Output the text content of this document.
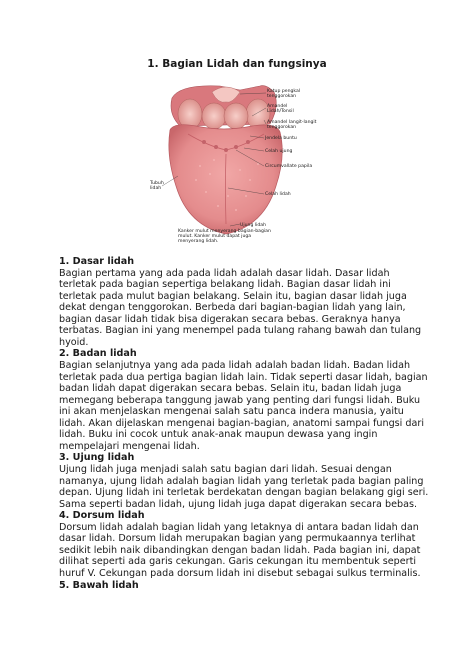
1. Bagian Lidah dan fungsinya
Katup pengkal
tenggorokan
Amandel
Lidah/Tonsil
Amandel langit-langit
tenggorokan
Jendela buntu
Celah ujung
Circumvallate papila
Tubuh
lidah
Celah lidah
Ujung lidah
Kanker mulut menyerang bagian-bagian
mulut. Kanker mulut dapat juga
menyerang lidah.
1. Dasar lidah

Bagian pertama yang ada pada lidah adalah dasar lidah. Dasar lidah terletak pada bagian sepertiga belakang lidah. Bagian dasar lidah ini terletak pada mulut bagian belakang. Selain itu, bagian dasar lidah juga dekat dengan tenggorokan. Berbeda dari bagian-bagian lidah yang lain, bagian dasar lidah tidak bisa digerakan secara bebas. Geraknya hanya terbatas. Bagian ini yang menempel pada tulang rahang bawah dan tulang hyoid.

2. Badan lidah

Bagian selanjutnya yang ada pada lidah adalah badan lidah. Badan lidah terletak pada dua pertiga bagian lidah lain. Tidak seperti dasar lidah, bagian badan lidah dapat digerakan secara bebas. Selain itu, badan lidah juga memegang beberapa tanggung jawab yang penting dari fungsi lidah. Buku ini akan menjelaskan mengenai salah satu panca indera manusia, yaitu lidah. Akan dijelaskan mengenai bagian-bagian, anatomi sampai fungsi dari lidah. Buku ini cocok untuk anak-anak maupun dewasa yang ingin mempelajari mengenai lidah.

3. Ujung lidah

Ujung lidah juga menjadi salah satu bagian dari lidah. Sesuai dengan namanya, ujung lidah adalah bagian lidah yang terletak pada bagian paling depan. Ujung lidah ini terletak berdekatan dengan bagian belakang gigi seri. Sama seperti badan lidah, ujung lidah juga dapat digerakan secara bebas.

4. Dorsum lidah

Dorsum lidah adalah bagian lidah yang letaknya di antara badan lidah dan dasar lidah. Dorsum lidah merupakan bagian yang permukaannya terlihat sedikit lebih naik dibandingkan dengan badan lidah. Pada bagian ini, dapat dilihat seperti ada garis cekungan. Garis cekungan itu membentuk seperti huruf V. Cekungan pada dorsum lidah ini disebut sebagai sulkus terminalis.

5. Bawah lidah
